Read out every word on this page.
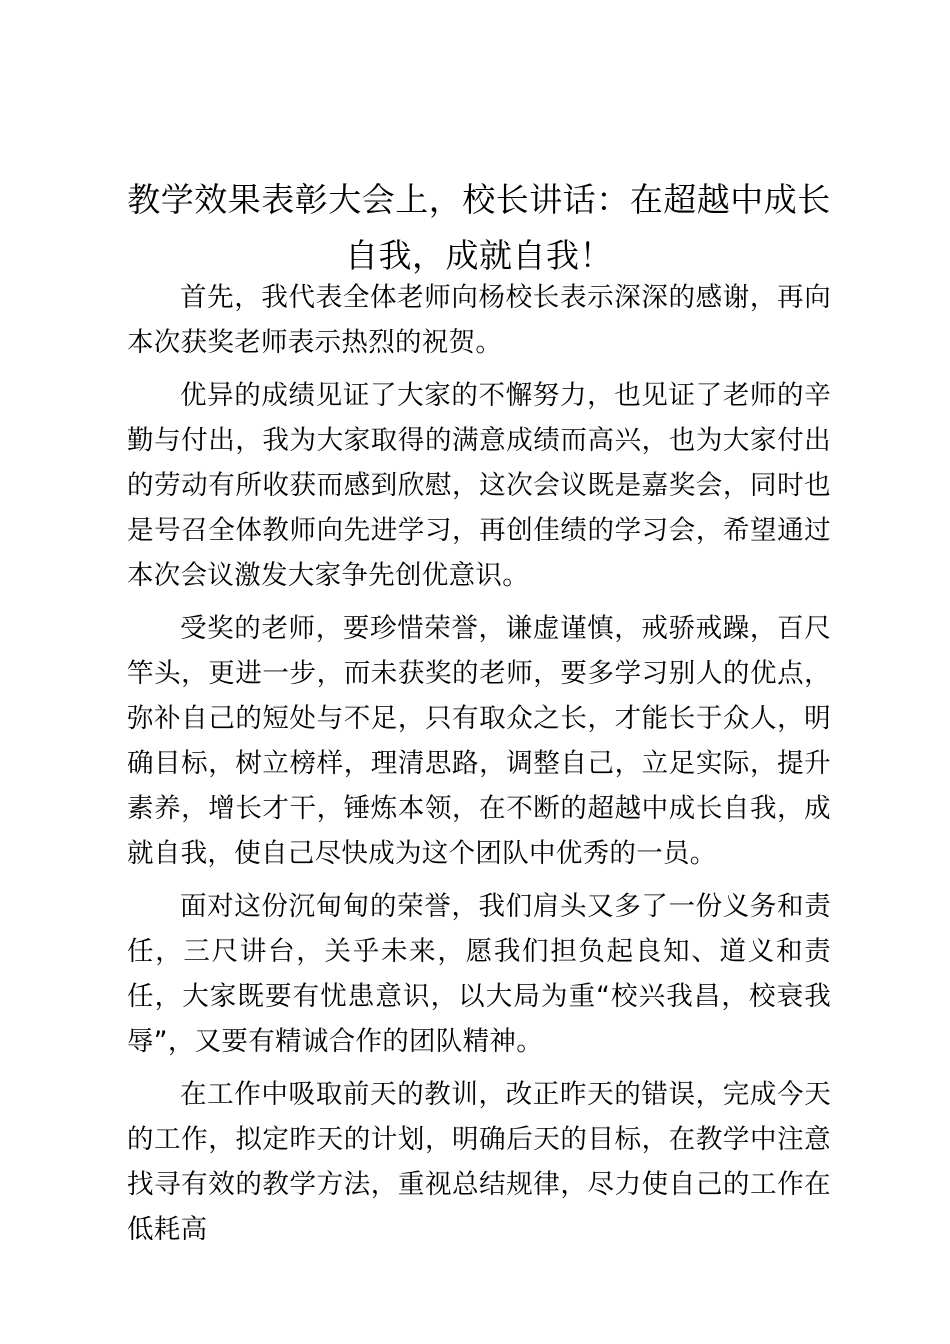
教学效果表彰大会上，校长讲话：在超越中成长自我，成就自我！

首先，我代表全体老师向杨校长表示深深的感谢，再向本次获奖老师表示热烈的祝贺。

优异的成绩见证了大家的不懈努力，也见证了老师的辛勤与付出，我为大家取得的满意成绩而高兴，也为大家付出的劳动有所收获而感到欣慰，这次会议既是嘉奖会，同时也是号召全体教师向先进学习，再创佳绩的学习会，希望通过本次会议激发大家争先创优意识。

受奖的老师，要珍惜荣誉，谦虚谨慎，戒骄戒躁，百尺竿头，更进一步，而未获奖的老师，要多学习别人的优点，弥补自己的短处与不足，只有取众之长，才能长于众人，明确目标，树立榜样，理清思路，调整自己，立足实际，提升素养，增长才干，锤炼本领，在不断的超越中成长自我，成就自我，使自己尽快成为这个团队中优秀的一员。

面对这份沉甸甸的荣誉，我们肩头又多了一份义务和责任，三尺讲台，关乎未来，愿我们担负起良知、道义和责任，大家既要有忧患意识，以大局为重“校兴我昌，校衰我辱”，又要有精诚合作的团队精神。

在工作中吸取前天的教训，改正昨天的错误，完成今天的工作，拟定昨天的计划，明确后天的目标，在教学中注意找寻有效的教学方法，重视总结规律，尽力使自己的工作在低耗高
